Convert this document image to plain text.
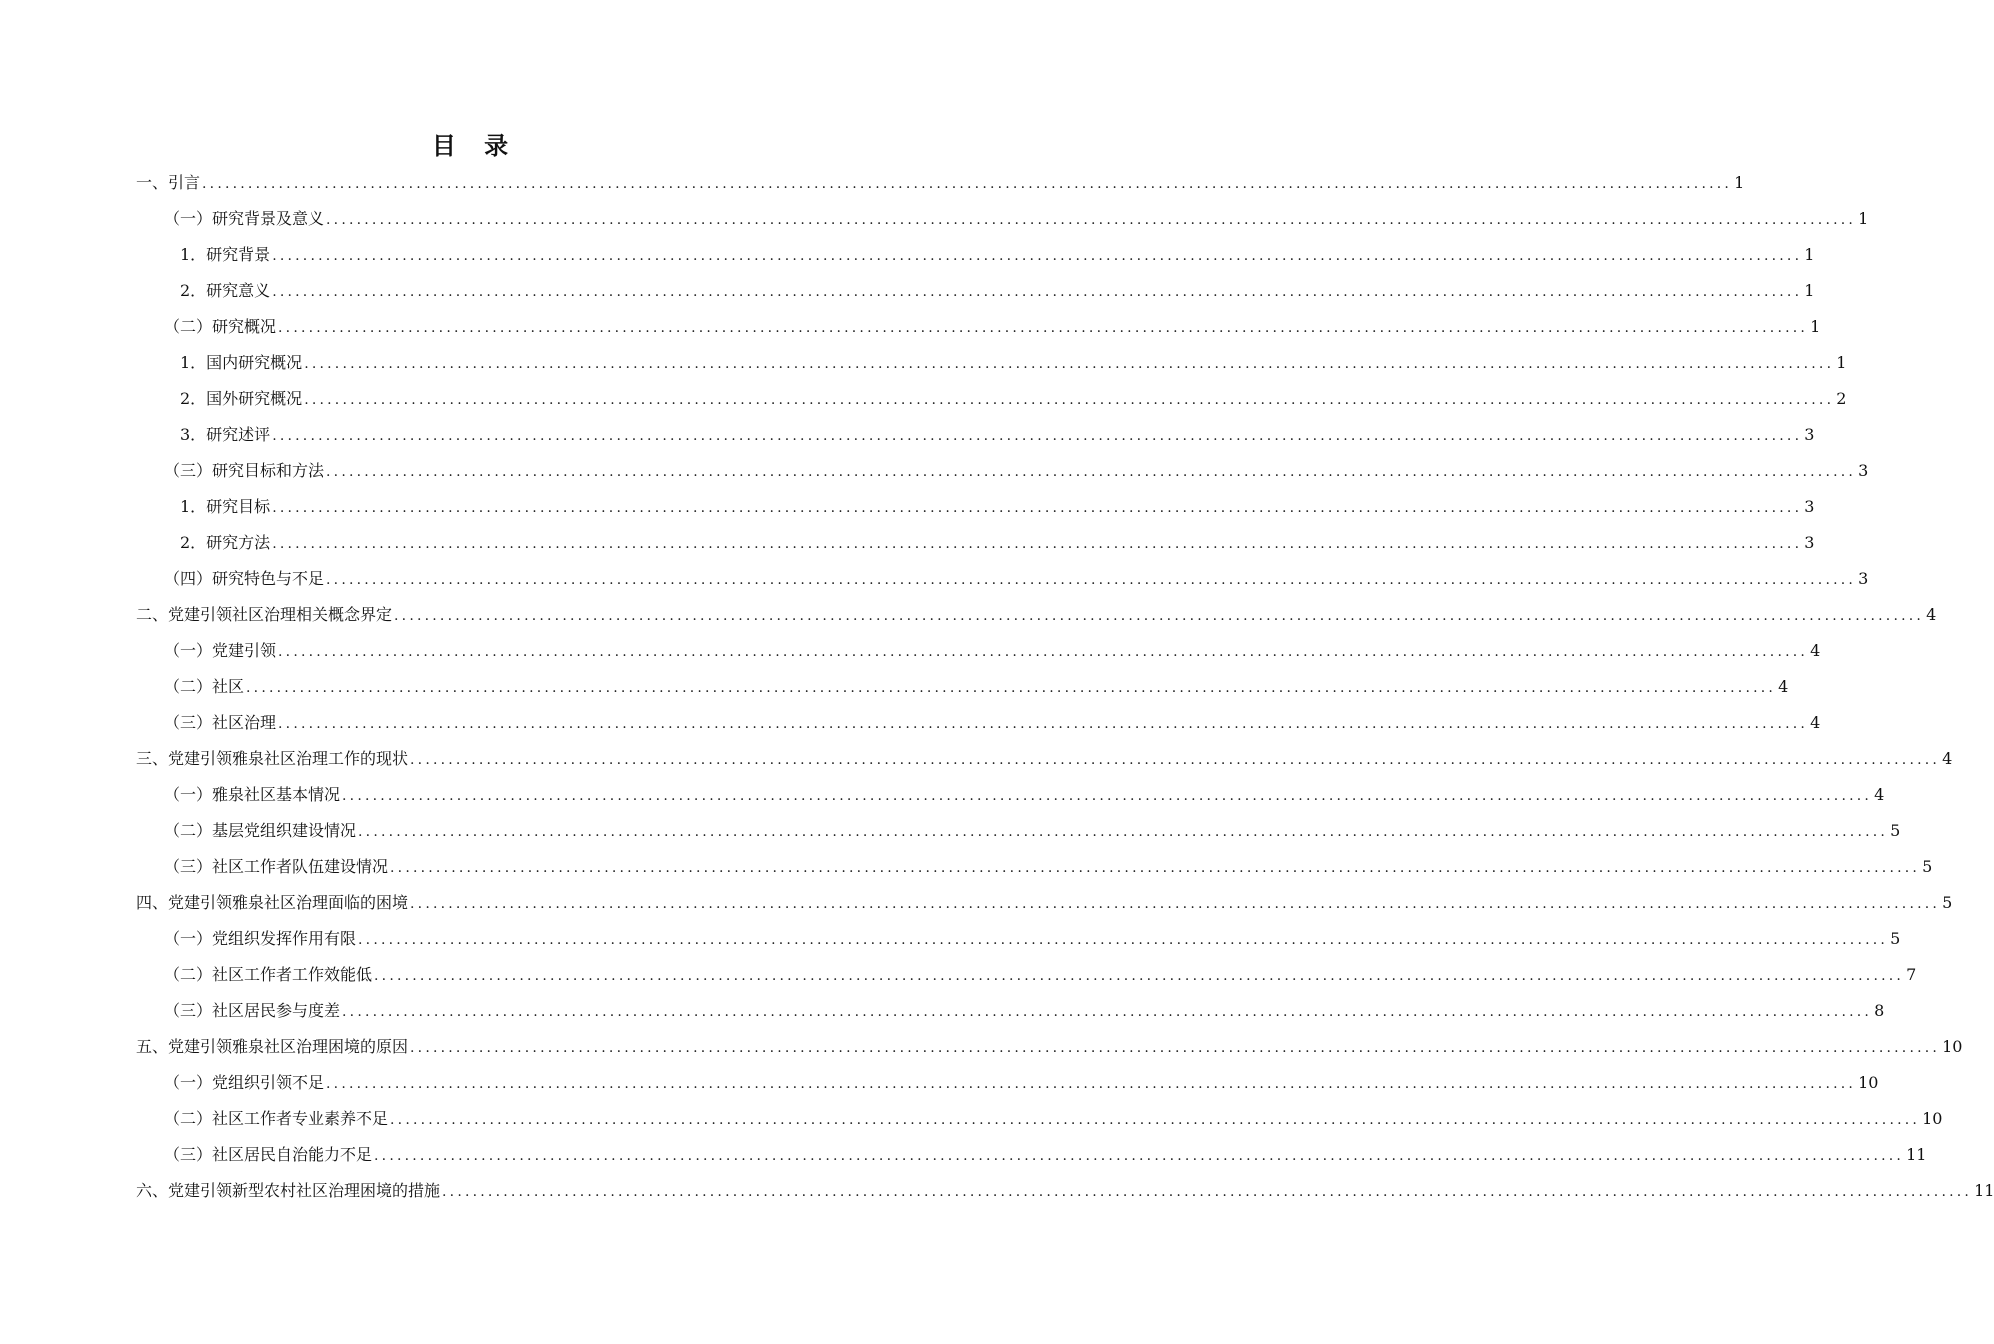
目 录
一、引言 ........................................................................................................................................................................................................ 1
（一）研究背景及意义 ........................................................................................................................................................................................................ 1
1．研究背景 ........................................................................................................................................................................................................ 1
2．研究意义 ........................................................................................................................................................................................................ 1
（二）研究概况 ........................................................................................................................................................................................................ 1
1．国内研究概况 ........................................................................................................................................................................................................ 1
2．国外研究概况 ........................................................................................................................................................................................................ 2
3．研究述评 ........................................................................................................................................................................................................ 3
（三）研究目标和方法 ........................................................................................................................................................................................................ 3
1．研究目标 ........................................................................................................................................................................................................ 3
2．研究方法 ........................................................................................................................................................................................................ 3
（四）研究特色与不足 ........................................................................................................................................................................................................ 3
二、党建引领社区治理相关概念界定 ........................................................................................................................................................................................................ 4
（一）党建引领 ........................................................................................................................................................................................................ 4
（二）社区 ........................................................................................................................................................................................................ 4
（三）社区治理 ........................................................................................................................................................................................................ 4
三、党建引领雅泉社区治理工作的现状 ........................................................................................................................................................................................................ 4
（一）雅泉社区基本情况 ........................................................................................................................................................................................................ 4
（二）基层党组织建设情况 ........................................................................................................................................................................................................ 5
（三）社区工作者队伍建设情况 ........................................................................................................................................................................................................ 5
四、党建引领雅泉社区治理面临的困境 ........................................................................................................................................................................................................ 5
（一）党组织发挥作用有限 ........................................................................................................................................................................................................ 5
（二）社区工作者工作效能低 ........................................................................................................................................................................................................ 7
（三）社区居民参与度差 ........................................................................................................................................................................................................ 8
五、党建引领雅泉社区治理困境的原因 ........................................................................................................................................................................................................ 10
（一）党组织引领不足 ........................................................................................................................................................................................................ 10
（二）社区工作者专业素养不足 ........................................................................................................................................................................................................ 10
（三）社区居民自治能力不足 ........................................................................................................................................................................................................ 11
六、党建引领新型农村社区治理困境的措施 ........................................................................................................................................................................................................ 11
